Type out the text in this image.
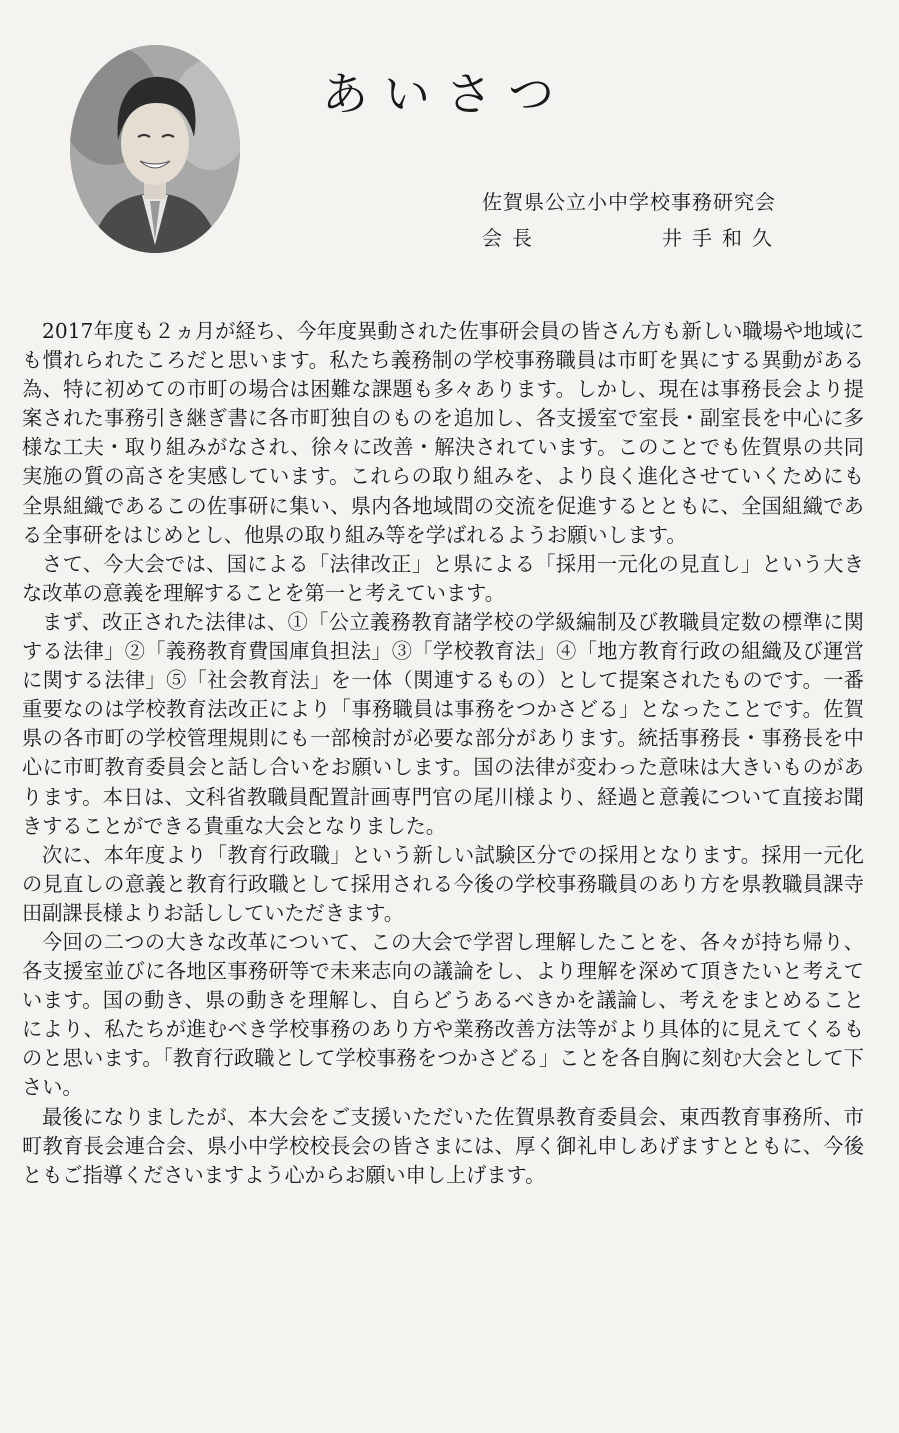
あいさつ
佐賀県公立小中学校事務研究会
会長	井手和久

2017年度も２ヵ月が経ち、今年度異動された佐事研会員の皆さん方も新しい職場や地域にも慣れられたころだと思います。私たち義務制の学校事務職員は市町を異にする異動がある為、特に初めての市町の場合は困難な課題も多々あります。しかし、現在は事務長会より提案された事務引き継ぎ書に各市町独自のものを追加し、各支援室で室長・副室長を中心に多様な工夫・取り組みがなされ、徐々に改善・解決されています。このことでも佐賀県の共同実施の質の高さを実感しています。これらの取り組みを、より良く進化させていくためにも全県組織であるこの佐事研に集い、県内各地域間の交流を促進するとともに、全国組織である全事研をはじめとし、他県の取り組み等を学ばれるようお願いします。

さて、今大会では、国による「法律改正」と県による「採用一元化の見直し」という大きな改革の意義を理解することを第一と考えています。

まず、改正された法律は、①「公立義務教育諸学校の学級編制及び教職員定数の標準に関する法律」②「義務教育費国庫負担法」③「学校教育法」④「地方教育行政の組織及び運営に関する法律」⑤「社会教育法」を一体（関連するもの）として提案されたものです。一番重要なのは学校教育法改正により「事務職員は事務をつかさどる」となったことです。佐賀県の各市町の学校管理規則にも一部検討が必要な部分があります。統括事務長・事務長を中心に市町教育委員会と話し合いをお願いします。国の法律が変わった意味は大きいものがあります。本日は、文科省教職員配置計画専門官の尾川様より、経過と意義について直接お聞きすることができる貴重な大会となりました。

次に、本年度より「教育行政職」という新しい試験区分での採用となります。採用一元化の見直しの意義と教育行政職として採用される今後の学校事務職員のあり方を県教職員課寺田副課長様よりお話ししていただきます。

今回の二つの大きな改革について、この大会で学習し理解したことを、各々が持ち帰り、各支援室並びに各地区事務研等で未来志向の議論をし、より理解を深めて頂きたいと考えています。国の動き、県の動きを理解し、自らどうあるべきかを議論し、考えをまとめることにより、私たちが進むべき学校事務のあり方や業務改善方法等がより具体的に見えてくるものと思います。「教育行政職として学校事務をつかさどる」ことを各自胸に刻む大会として下さい。

最後になりましたが、本大会をご支援いただいた佐賀県教育委員会、東西教育事務所、市町教育長会連合会、県小中学校校長会の皆さまには、厚く御礼申しあげますとともに、今後ともご指導くださいますよう心からお願い申し上げます。
